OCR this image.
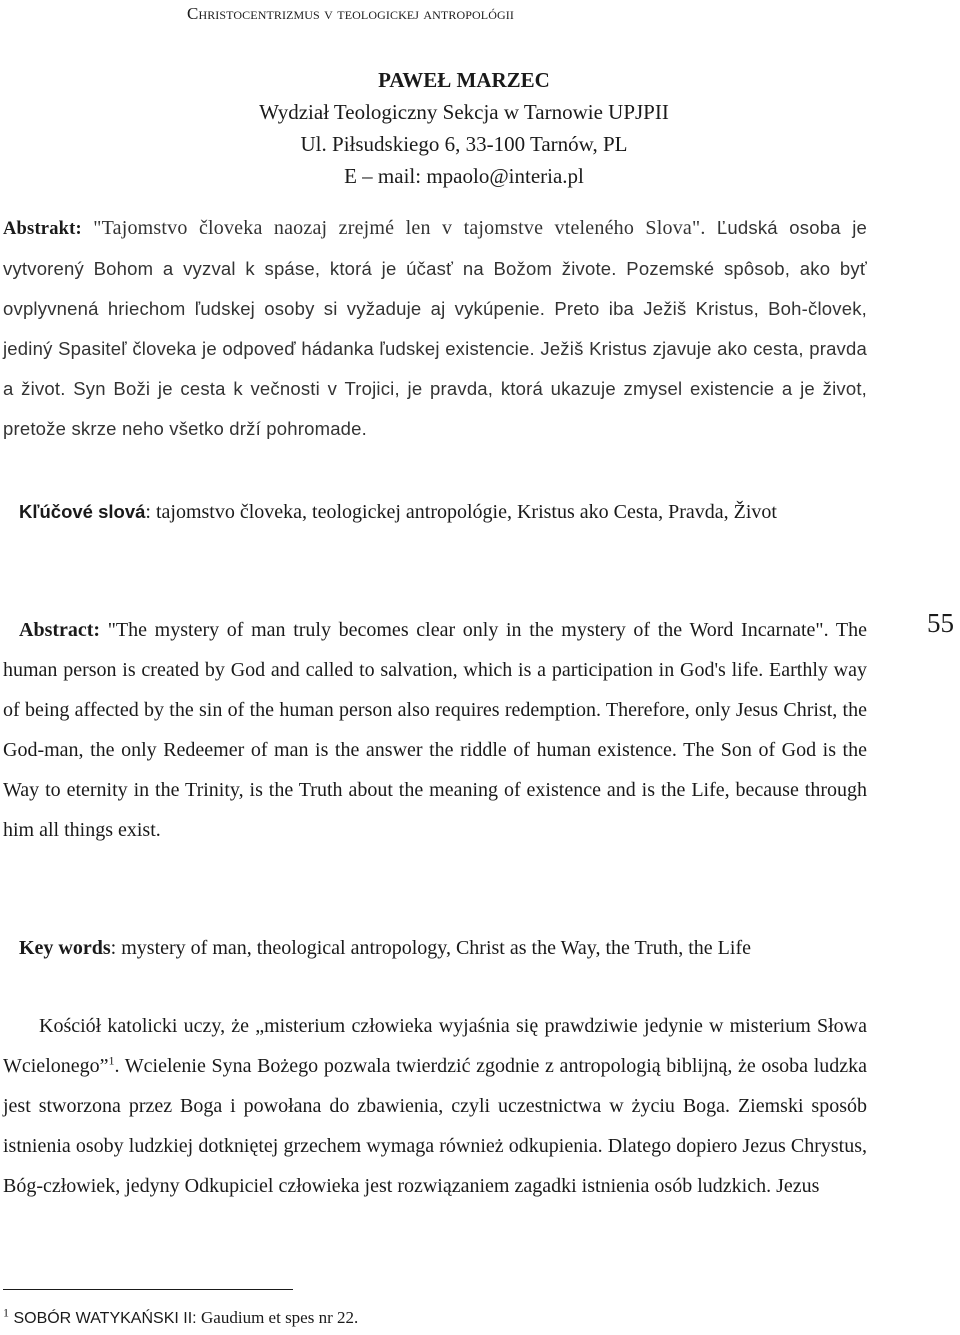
Christocentrizmus v teologickej antropológii
PAWEŁ MARZEC
Wydział Teologiczny Sekcja w Tarnowie UPJPII
Ul. Piłsudskiego 6, 33-100 Tarnów, PL
E – mail: mpaolo@interia.pl
Abstrakt: "Tajomstvo človeka naozaj zrejmé len v tajomstve vteleného Slova". Ľudská osoba je vytvorený Bohom a vyzval k spáse, ktorá je účasť na Božom živote. Pozemské spôsob, ako byť ovplyvnená hriechom ľudskej osoby si vyžaduje aj vykúpenie. Preto iba Ježiš Kristus, Boh-človek, jediný Spasiteľ človeka je odpoveď hádanka ľudskej existencie. Ježiš Kristus zjavuje ako cesta, pravda a život. Syn Boži je cesta k večnosti v Trojici, je pravda, ktorá ukazuje zmysel existencie a je život, pretože skrze neho všetko drží pohromade.
Kľúčové slová: tajomstvo človeka, teologickej antropológie, Kristus ako Cesta, Pravda, Život
Abstract: "The mystery of man truly becomes clear only in the mystery of the Word Incarnate". The human person is created by God and called to salvation, which is a participation in God's life. Earthly way of being affected by the sin of the human person also requires redemption. Therefore, only Jesus Christ, the God-man, the only Redeemer of man is the answer the riddle of human existence. The Son of God is the Way to eternity in the Trinity, is the Truth about the meaning of existence and is the Life, because through him all things exist.
Key words: mystery of man, theological antropology, Christ as the Way, the Truth, the Life
Kościół katolicki uczy, że „misterium człowieka wyjaśnia się prawdziwie jedynie w misterium Słowa Wcielonego”$^1$. Wcielenie Syna Bożego pozwala twierdzić zgodnie z antropologią biblijną, że osoba ludzka jest stworzona przez Boga i powołana do zbawienia, czyli uczestnictwa w życiu Boga. Ziemski sposób istnienia osoby ludzkiej dotkniętej grzechem wymaga również odkupienia. Dlatego dopiero Jezus Chrystus, Bóg-człowiek, jedyny Odkupiciel człowieka jest rozwiązaniem zagadki istnienia osób ludzkich. Jezus
55
$^1$ SOBÓR WATYKAŃSKI II: Gaudium et spes nr 22.
